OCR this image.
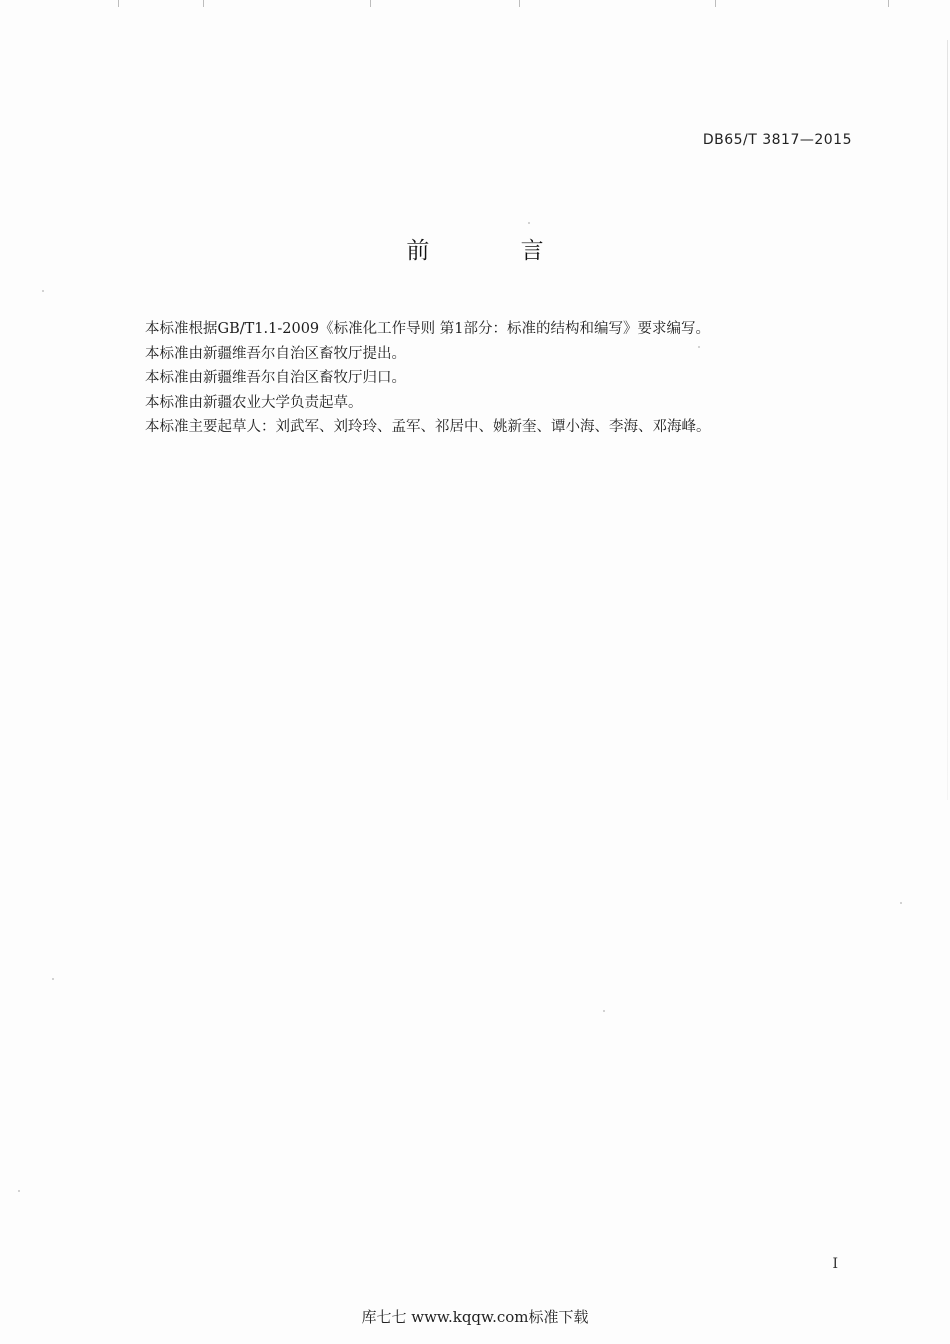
DB65/T 3817—2015
前 言

本标准根据GB/T1.1-2009《标准化工作导则 第1部分：标准的结构和编写》要求编写。

本标准由新疆维吾尔自治区畜牧厅提出。

本标准由新疆维吾尔自治区畜牧厅归口。

本标准由新疆农业大学负责起草。

本标准主要起草人：刘武军、刘玲玲、孟军、祁居中、姚新奎、谭小海、李海、邓海峰。

I
库七七 www.kqqw.com标准下载
